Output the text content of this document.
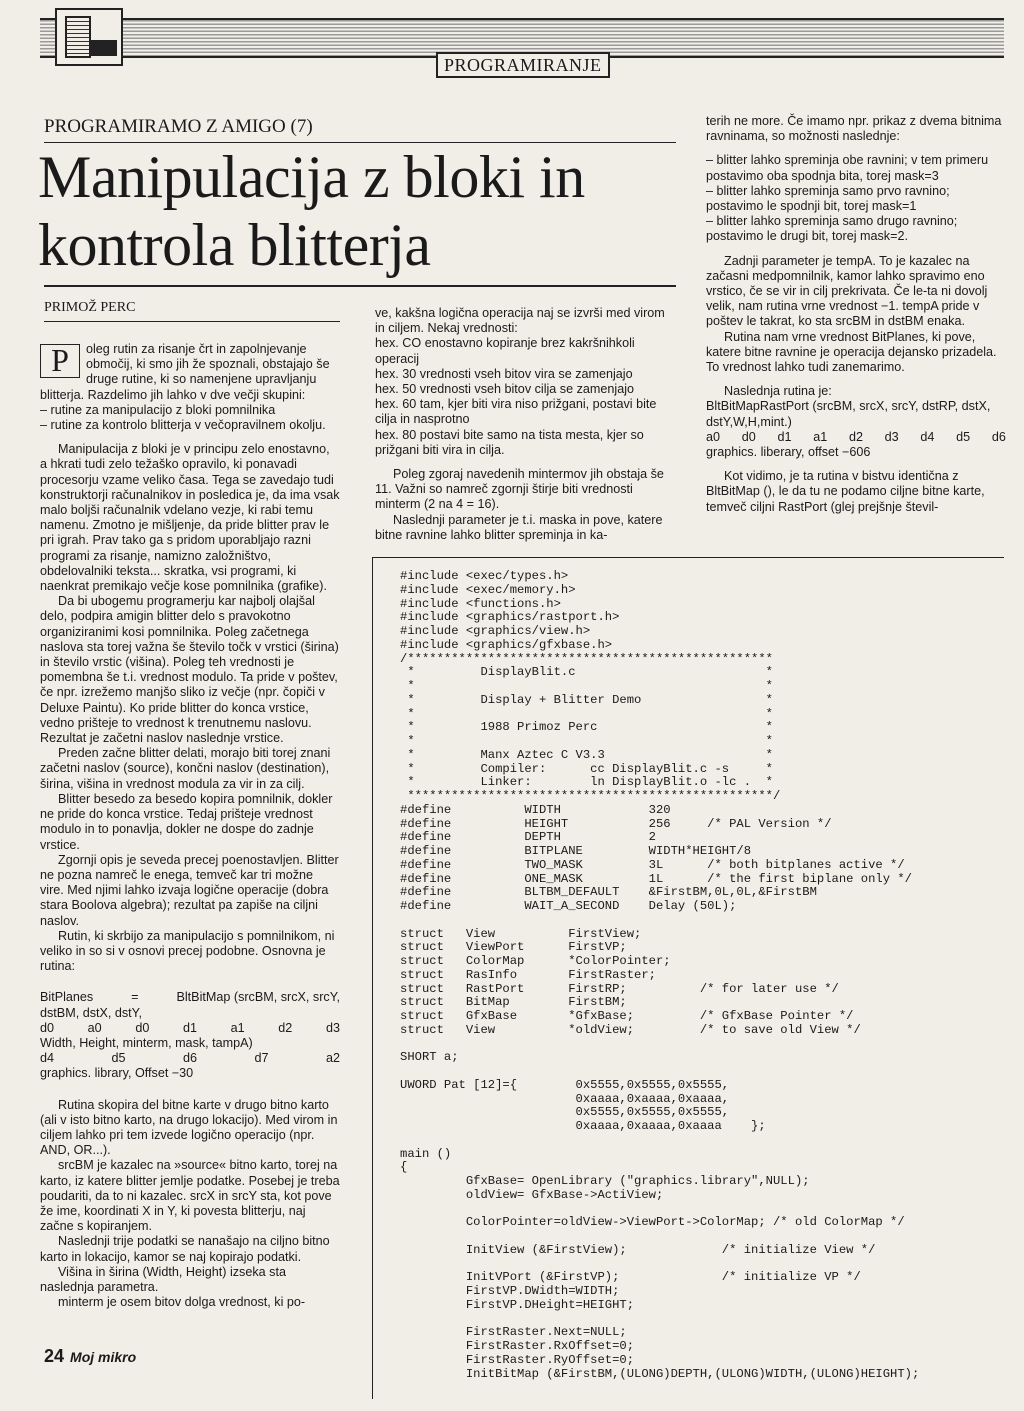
PROGRAMIRANJE
PROGRAMIRAMO Z AMIGO (7)
Manipulacija z bloki in kontrola blitterja
PRIMOŽ PERC

P	oleg rutin za risanje črt in zapolnjevanje območij, ki smo jih že spoznali, obstajajo še druge rutine, ki so namenjene upravljanju blitterja. Razdelimo jih lahko v dve večji skupini:

– rutine za manipulacijo z bloki pomnilnika

– rutine za kontrolo blitterja v večopravilnem okolju.

Manipulacija z bloki je v principu zelo enostavno, a hkrati tudi zelo težaško opravilo, ki ponavadi procesorju vzame veliko časa. Tega se zavedajo tudi konstruktorji računalnikov in posledica je, da ima vsak malo boljši računalnik vdelano vezje, ki rabi temu namenu. Zmotno je mišljenje, da pride blitter prav le pri igrah. Prav tako ga s pridom uporabljajo razni programi za risanje, namizno založništvo, obdelovalniki teksta... skratka, vsi programi, ki naenkrat premikajo večje kose pomnilnika (grafike).

Da bi ubogemu programerju kar najbolj olajšal delo, podpira amigin blitter delo s pravokotno organiziranimi kosi pomnilnika. Poleg začetnega naslova sta torej važna še število točk v vrstici (širina) in število vrstic (višina). Poleg teh vrednosti je pomembna še t.i. vrednost modulo. Ta pride v poštev, če npr. izrežemo manjšo sliko iz večje (npr. čopiči v Deluxe Paintu). Ko pride blitter do konca vrstice, vedno prišteje to vrednost k trenutnemu naslovu. Rezultat je začetni naslov naslednje vrstice.

Preden začne blitter delati, morajo biti torej znani začetni naslov (source), končni naslov (destination), širina, višina in vrednost modula za vir in za cilj.

Blitter besedo za besedo kopira pomnilnik, dokler ne pride do konca vrstice. Tedaj prišteje vrednost modulo in to ponavlja, dokler ne dospe do zadnje vrstice.

Zgornji opis je seveda precej poenostavljen. Blitter ne pozna namreč le enega, temveč kar tri možne vire. Med njimi lahko izvaja logične operacije (dobra stara Boolova algebra); rezultat pa zapiše na ciljni naslov.

Rutin, ki skrbijo za manipulacijo s pomnilnikom, ni veliko in so si v osnovi precej podobne. Osnovna je rutina:

BitPlanes	=	BltBitMap (srcBM, srcX, srcY,

dstBM, dstX, dstY,

d0	a0	d0	d1	a1	d2	d3

Width, Height, minterm, mask, tampA)

d4	d5	d6	d7	a2

graphics. library, Offset −30

Rutina skopira del bitne karte v drugo bitno karto (ali v isto bitno karto, na drugo lokacijo). Med virom in ciljem lahko pri tem izvede logično operacijo (npr. AND, OR...).

srcBM je kazalec na »source« bitno karto, torej na karto, iz katere blitter jemlje podatke. Posebej je treba poudariti, da to ni kazalec. srcX in srcY sta, kot pove že ime, koordinati X in Y, ki povesta blitterju, naj začne s kopiranjem.

Naslednji trije podatki se nanašajo na ciljno bitno karto in lokacijo, kamor se naj kopirajo podatki.

Višina in širina (Width, Height) izseka sta naslednja parametra.

minterm je osem bitov dolga vrednost, ki po-

ve, kakšna logična operacija naj se izvrši med virom in ciljem. Nekaj vrednosti:

hex. CO enostavno kopiranje brez kakršnihkoli operacij

hex. 30 vrednosti vseh bitov vira se zamenjajo

hex. 50 vrednosti vseh bitov cilja se zamenjajo

hex. 60 tam, kjer biti vira niso prižgani, postavi bite cilja in nasprotno

hex. 80 postavi bite samo na tista mesta, kjer so prižgani biti vira in cilja.

Poleg zgoraj navedenih mintermov jih obstaja še 11. Važni so namreč zgornji štirje biti vrednosti minterm (2 na 4 = 16).

Naslednji parameter je t.i. maska in pove, katere bitne ravnine lahko blitter spreminja in ka-

terih ne more. Če imamo npr. prikaz z dvema bitnima ravninama, so možnosti naslednje:

– blitter lahko spreminja obe ravnini; v tem primeru postavimo oba spodnja bita, torej mask=3

– blitter lahko spreminja samo prvo ravnino; postavimo le spodnji bit, torej mask=1

– blitter lahko spreminja samo drugo ravnino; postavimo le drugi bit, torej mask=2.

Zadnji parameter je tempA. To je kazalec na začasni medpomnilnik, kamor lahko spravimo eno vrstico, če se vir in cilj prekrivata. Če le-ta ni dovolj velik, nam rutina vrne vrednost −1. tempA pride v poštev le takrat, ko sta srcBM in dstBM enaka.

Rutina nam vrne vrednost BitPlanes, ki pove, katere bitne ravnine je operacija dejansko prizadela. To vrednost lahko tudi zanemarimo.

Naslednja rutina je:

BltBitMapRastPort (srcBM, srcX, srcY, dstRP, dstX, dstY,W,H,mint.)

a0 d0 d1 a1 d2 d3 d4 d5 d6

graphics. liberary, offset −606

Kot vidimo, je ta rutina v bistvu identična z BltBitMap (), le da tu ne podamo ciljne bitne karte, temveč ciljni RastPort (glej prejšnje števil-

#include <exec/types.h>
#include <exec/memory.h>
#include <functions.h>
#include <graphics/rastport.h>
#include <graphics/view.h>
#include <graphics/gfxbase.h>
/**************************************************
*         DisplayBlit.c                          *
*                                                *
*         Display + Blitter Demo                 *
*                                                *
*         1988 Primoz Perc                       *
*                                                *
*         Manx Aztec C V3.3                      *
*         Compiler:      cc DisplayBlit.c -s     *
*         Linker:        ln DisplayBlit.o -lc .  *
**************************************************/
#define          WIDTH            320
#define          HEIGHT           256     /* PAL Version */
#define          DEPTH            2
#define          BITPLANE         WIDTH*HEIGHT/8
#define          TWO_MASK         3L      /* both bitplanes active */
#define          ONE_MASK         1L      /* the first biplane only */
#define          BLTBM_DEFAULT    &FirstBM,0L,0L,&FirstBM
#define          WAIT_A_SECOND    Delay (50L);

struct   View          FirstView;
struct   ViewPort      FirstVP;
struct   ColorMap      *ColorPointer;
struct   RasInfo       FirstRaster;
struct   RastPort      FirstRP;          /* for later use */
struct   BitMap        FirstBM;
struct   GfxBase       *GfxBase;         /* GfxBase Pointer */
struct   View          *oldView;         /* to save old View */

SHORT a;

UWORD Pat [12]={        0x5555,0x5555,0x5555,
0xaaaa,0xaaaa,0xaaaa,
0x5555,0x5555,0x5555,
0xaaaa,0xaaaa,0xaaaa    };

main ()
{
GfxBase= OpenLibrary ("graphics.library",NULL);
oldView= GfxBase->ActiView;

ColorPointer=oldView->ViewPort->ColorMap; /* old ColorMap */

InitView (&FirstView);             /* initialize View */

InitVPort (&FirstVP);              /* initialize VP */
FirstVP.DWidth=WIDTH;
FirstVP.DHeight=HEIGHT;

FirstRaster.Next=NULL;
FirstRaster.RxOffset=0;
FirstRaster.RyOffset=0;
InitBitMap (&FirstBM,(ULONG)DEPTH,(ULONG)WIDTH,(ULONG)HEIGHT);
24 Moj mikro
